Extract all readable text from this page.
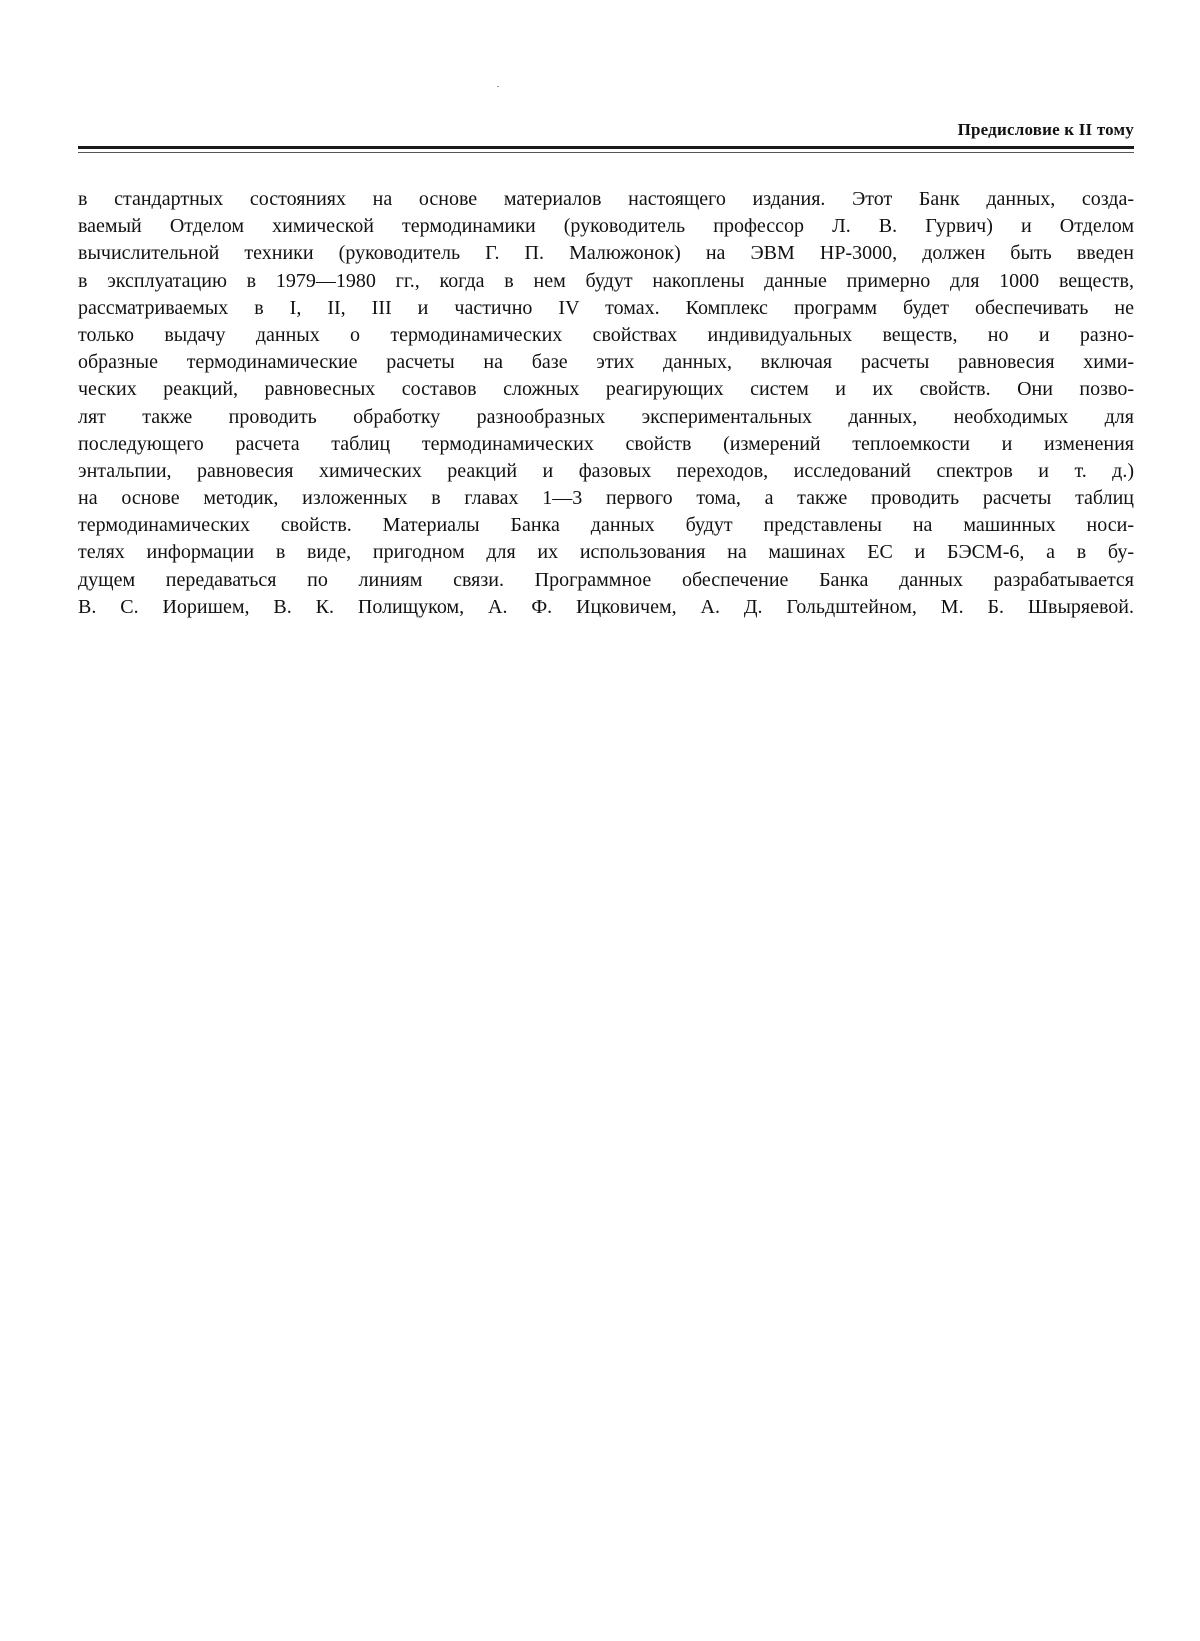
Предисловие к II тому
в стандартных состояниях на основе материалов настоящего издания. Этот Банк данных, созда-
ваемый Отделом химической термодинамики (руководитель профессор Л. В. Гурвич) и Отделом
вычислительной техники (руководитель Г. П. Малюжонок) на ЭВМ НР-3000, должен быть введен
в эксплуатацию в 1979—1980 гг., когда в нем будут накоплены данные примерно для 1000 веществ,
рассматриваемых в I, II, III и частично IV томах. Комплекс программ будет обеспечивать не
только выдачу данных о термодинамических свойствах индивидуальных веществ, но и разно-
образные термодинамические расчеты на базе этих данных, включая расчеты равновесия хими-
ческих реакций, равновесных составов сложных реагирующих систем и их свойств. Они позво-
лят также проводить обработку разнообразных экспериментальных данных, необходимых для
последующего расчета таблиц термодинамических свойств (измерений теплоемкости и изменения
энтальпии, равновесия химических реакций и фазовых переходов, исследований спектров и т. д.)
на основе методик, изложенных в главах 1—3 первого тома, а также проводить расчеты таблиц
термодинамических свойств. Материалы Банка данных будут представлены на машинных носи-
телях информации в виде, пригодном для их использования на машинах ЕС и БЭСМ-6, а в бу-
дущем передаваться по линиям связи. Программное обеспечение Банка данных разрабатывается
В. С. Иоришем, В. К. Полищуком, А. Ф. Ицковичем, А. Д. Гольдштейном, М. Б. Швыряевой.
